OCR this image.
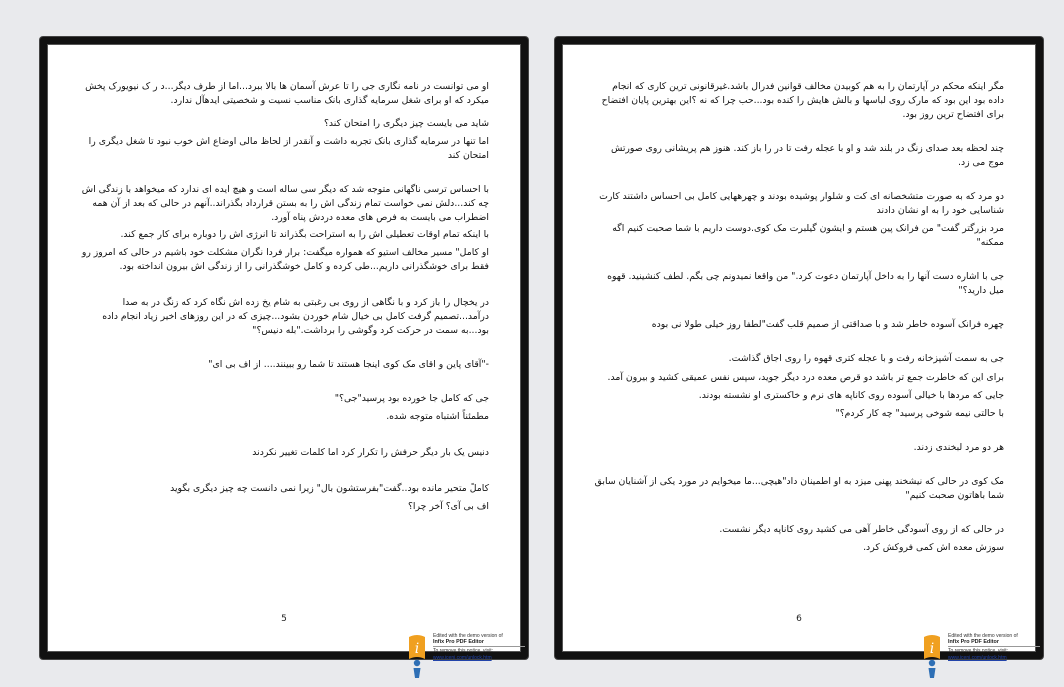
او می توانست در نامه نگاری جی را تا عرش آسمان ها بالا ببرد...اما از طرف دیگر...د ر ک نیویورک پخش میکرد که او برای شغل سرمایه گذاری بانک مناسب نسیت و شخصیتی ایدهآل ندارد.

شاید می بایست چیز دیگری را امتحان کند؟

اما تنها در سرمایه گذاری بانک تجربه داشت و آنقدر از لحاظ مالی اوضاع اش خوب نبود تا شغل دیگری را امتحان کند

با احساس ترسی ناگهانی متوجه شد که دیگر سی ساله است و هیچ ایده ای ندارد که میخواهد با زندگی اش چه کند...دلش نمی خواست تمام زندگی اش را به بستن قرارداد بگذراند..آنهم در حالی که بعد از آن همه اضطراب می بایست به فرص های معده دردش پناه آورد.

با اینکه تمام اوقات تعطیلی اش را به استراحت بگذراند تا انرژی اش را دوباره برای کار جمع کند.

او کامل" مسیر مخالف استیو که همواره میگفت: برار فردا نگران مشکلت خود باشیم در حالی که امروز رو فقط برای خوشگذرانی داریم...طی کرده و کامل خوشگذرانی را از زندگی اش بیرون انداخته بود.

در یخچال را باز کرد و با نگاهی از روی بی رغبتی به شام یخ زده اش نگاه کرد که زنگ در به صدا درآمد...تصمیم گرفت کامل بی خیال شام خوردن بشود...چیزی که در این روزهای اخیر زیاد انجام داده بود...به سمت در حرکت کرد وگوشی را برداشت."بله دنیس؟"

-"آقای پاین و اقای مک کوی اینجا هستند تا شما رو ببینند.... از اف بی ای"

جی که کامل جا خورده بود پرسید"جی؟"

مطمئناً اشتباه متوجه شده.

دنیس یک بار دیگر حرفش را تکرار کرد اما کلمات تغییر نکردند

کاملً متحیر مانده بود..گفت"بفرستشون بال" زیرا نمی دانست چه چیز دیگری بگوید

اف بی آی؟ آخر چرا؟

5

مگر اینکه محکم در آپارتمان را به هم کوبیدن مخالف قوانین فدرال باشد.غیرقانونی ترین کاری که انجام داده بود این بود که مارک روی لباسها و بالش هایش را کنده بود...حب چرا که نه ؟این بهترین پایان افتضاح برای افتضاح ترین روز بود.

چند لحظه بعد صدای زنگ در بلند شد و او با عجله رفت تا در را باز کند. هنوز هم پریشانی روی صورتش موج می زد.

دو مرد که به صورت متشخصانه ای کت و شلوار پوشیده بودند و چهرههایی کامل بی احساس داشتند کارت شناسایی خود را به او نشان دادند

مرد بزرگتر گفت" من فرانک پین هستم و ایشون گیلبرت مک کوی.دوست داریم با شما صحبت کنیم اگه ممکنه"

جی با اشاره دست آنها را به داخل آپارتمان دعوت کرد." من واقعا نمیدونم چی بگم. لطف کنشینید. قهوه میل دارید؟"

چهره فرانک آسوده خاطر شد و با صداقتی از صمیم قلب گفت"لطفا روز خیلی طولا نی بوده

جی به سمت آشپزخانه رفت و با عجله کتری قهوه را روی اجاق گذاشت.

برای این که خاطرت جمع تر باشد دو قرص معده درد دیگر جوید، سپس نفس عمیقی کشید و بیرون آمد.

جایی که مردها با خیالی آسوده روی کاناپه های نرم و خاکستری او نشسته بودند.

با حالتی نیمه شوخی پرسید" چه کار کردم؟"

هر دو مرد لبخندی زدند.

مک کوی در حالی که نیشخند پهنی میزد به او اطمینان داد"هیچی...ما میخوایم در مورد یکی از آشنایان سابق شما باهاتون صحبت کنیم"

در حالی که از روی آسودگی خاطر آهی می کشید روی کاناپه دیگر نشست.

سوزش معده اش کمی فروکش کرد.

6
i
Edited with the demo version of
Infix Pro PDF Editor
To remove this notice, visit:
www.iceni.com/unlock.htm
i
Edited with the demo version of
Infix Pro PDF Editor
To remove this notice, visit:
www.iceni.com/unlock.htm
